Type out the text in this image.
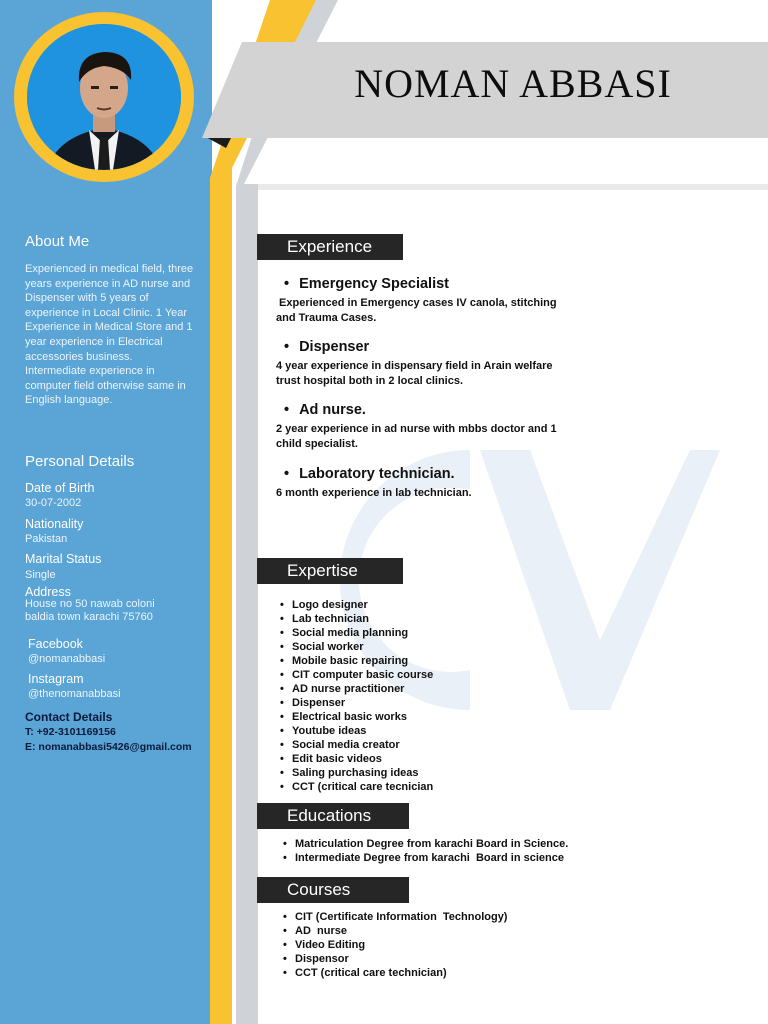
NOMAN ABBASI
About Me
Experienced in medical field, three years experience in AD nurse and Dispenser with 5 years of experience in Local Clinic. 1 Year Experience in Medical Store and 1 year experience in Electrical accessories business. Intermediate experience in computer field otherwise same in English language.
Personal Details
Date of Birth
30-07-2002
Nationality
Pakistan
Marital Status
Single
Address
House no 50 nawab coloni
baldia town karachi 75760
Facebook
@nomanabbasi
Instagram
@thenomanabbasi
Contact Details
T: +92-3101169156
E: nomanabbasi5426@gmail.com
Experience
• Emergency Specialist
Experienced in Emergency cases IV canola, stitching
and Trauma Cases.
• Dispenser
4 year experience in dispensary field in Arain welfare
trust hospital both in 2 local clinics.
• Ad nurse.
2 year experience in ad nurse with mbbs doctor and 1
child specialist.
• Laboratory technician.
6 month experience in lab technician.
Expertise
• Logo designer
• Lab technician
• Social media planning
• Social worker
• Mobile basic repairing
• CIT computer basic course
• AD nurse practitioner
• Dispenser
• Electrical basic works
• Youtube ideas
• Social media creator
• Edit basic videos
• Saling purchasing ideas
• CCT (critical care tecnician
Educations
• Matriculation Degree from karachi Board in Science.
• Intermediate Degree from karachi  Board in science
Courses
• CIT (Certificate Information  Technology)
• AD  nurse
• Video Editing
• Dispensor
• CCT (critical care technician)
